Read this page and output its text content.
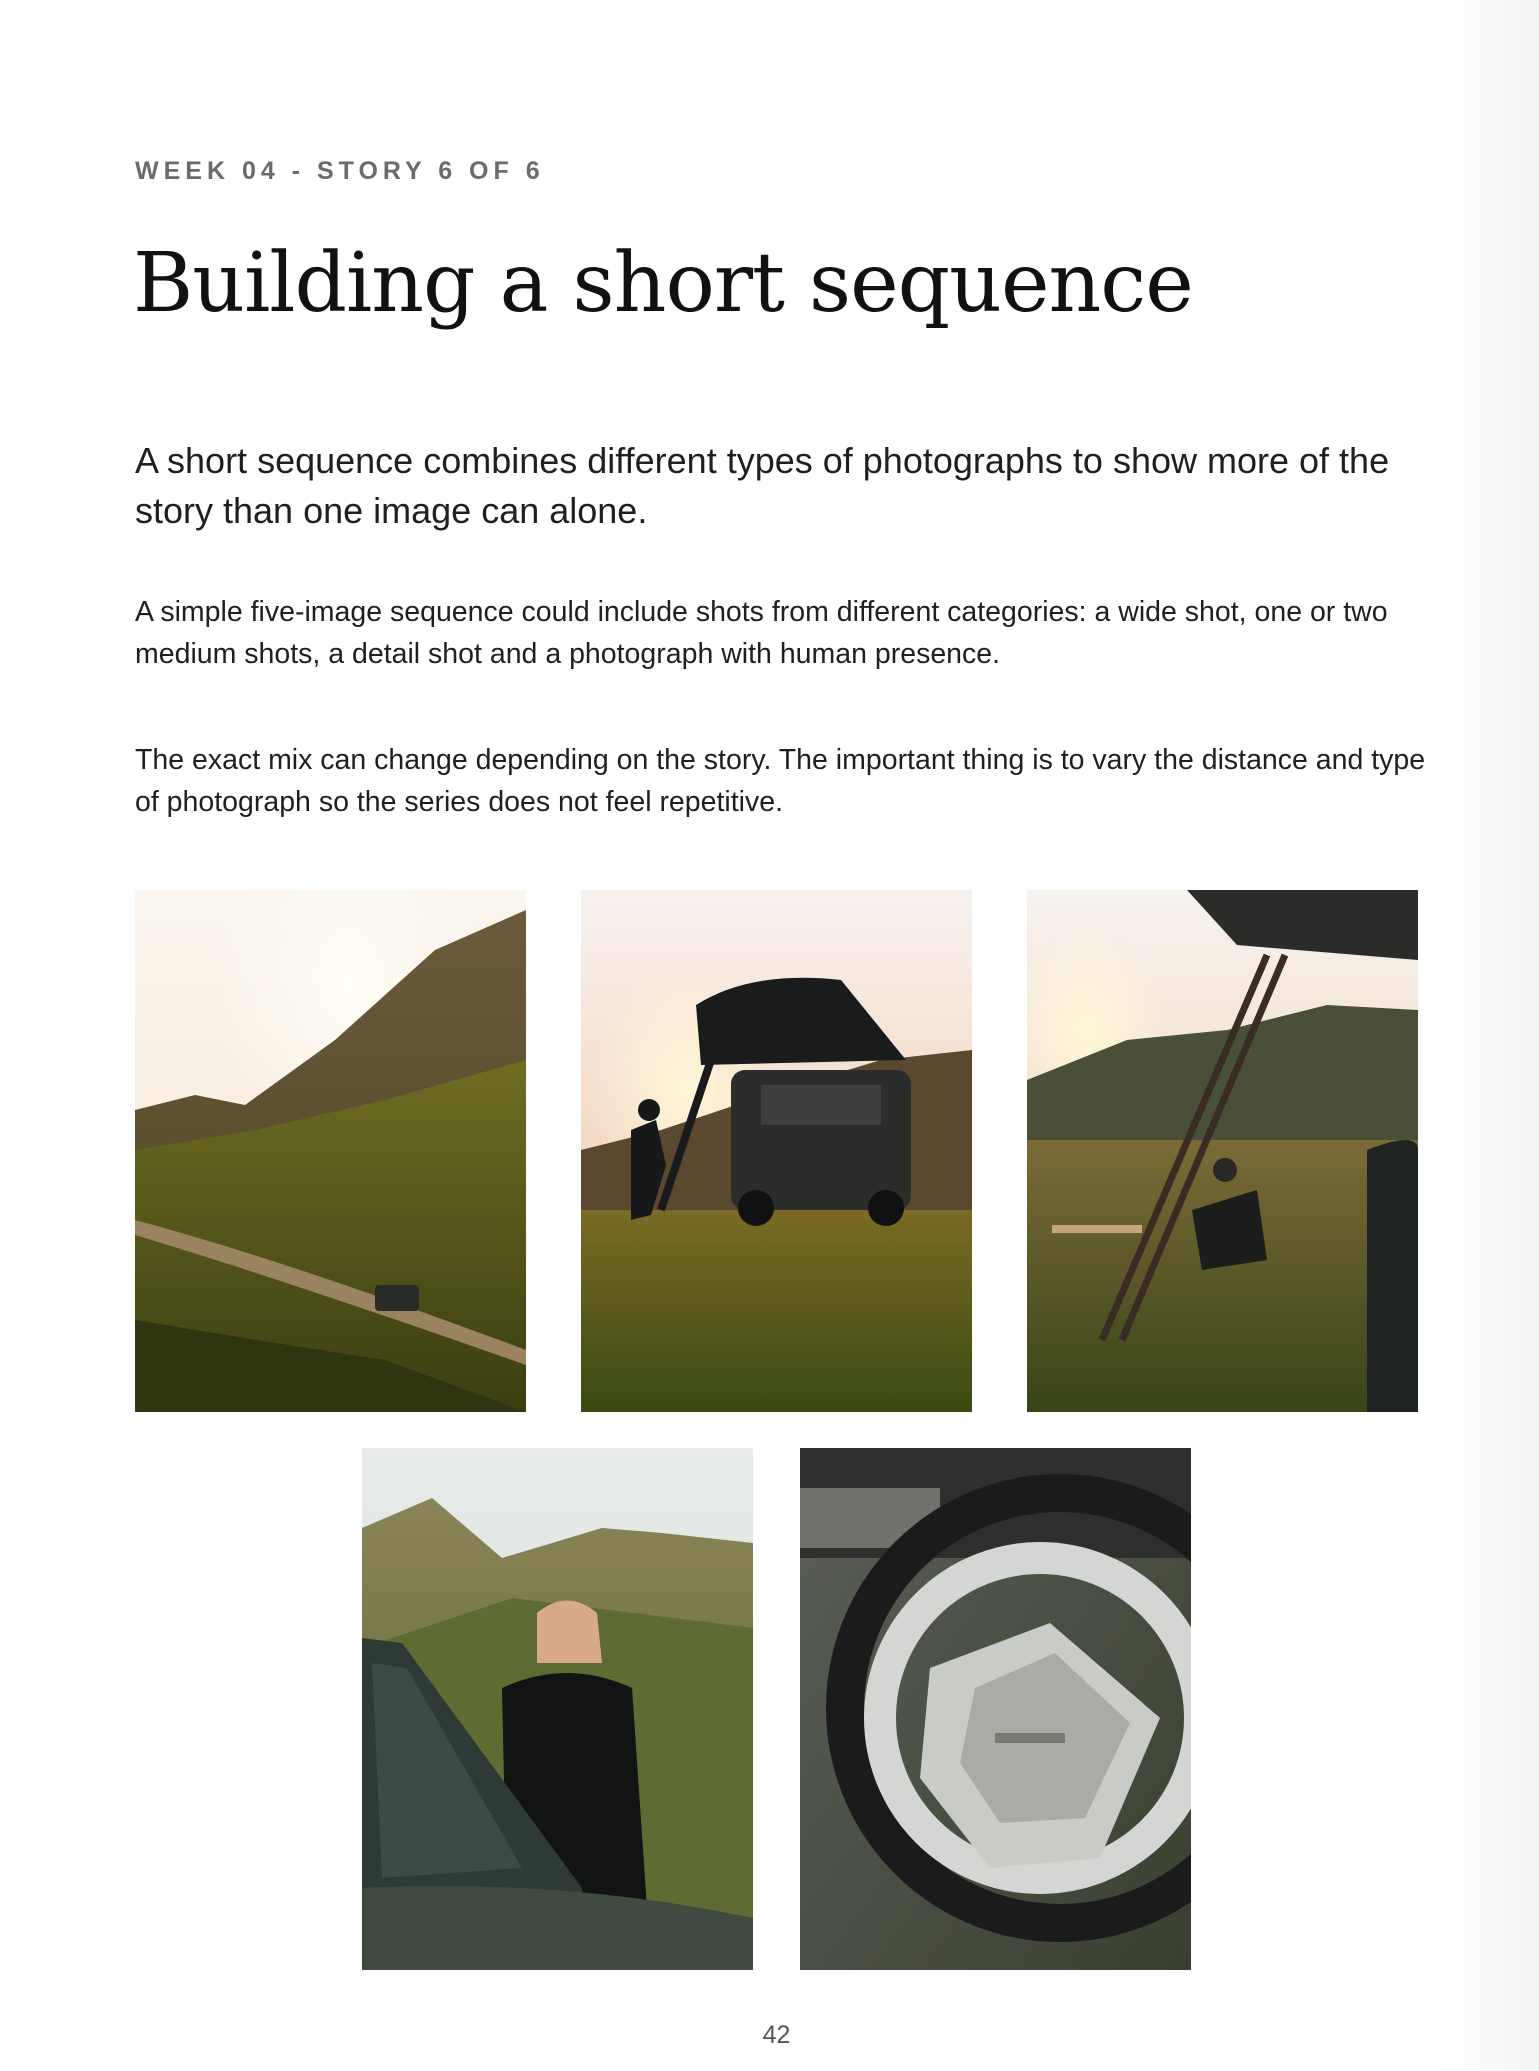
WEEK 04 - STORY 6 OF 6
Building a short sequence

A short sequence combines different types of photographs to show more of the story than one image can alone.

A simple five-image sequence could include shots from different categories: a wide shot, one or two medium shots, a detail shot and a photograph with human presence.

The exact mix can change depending on the story. The important thing is to vary the distance and type of photograph so the series does not feel repetitive.

42
